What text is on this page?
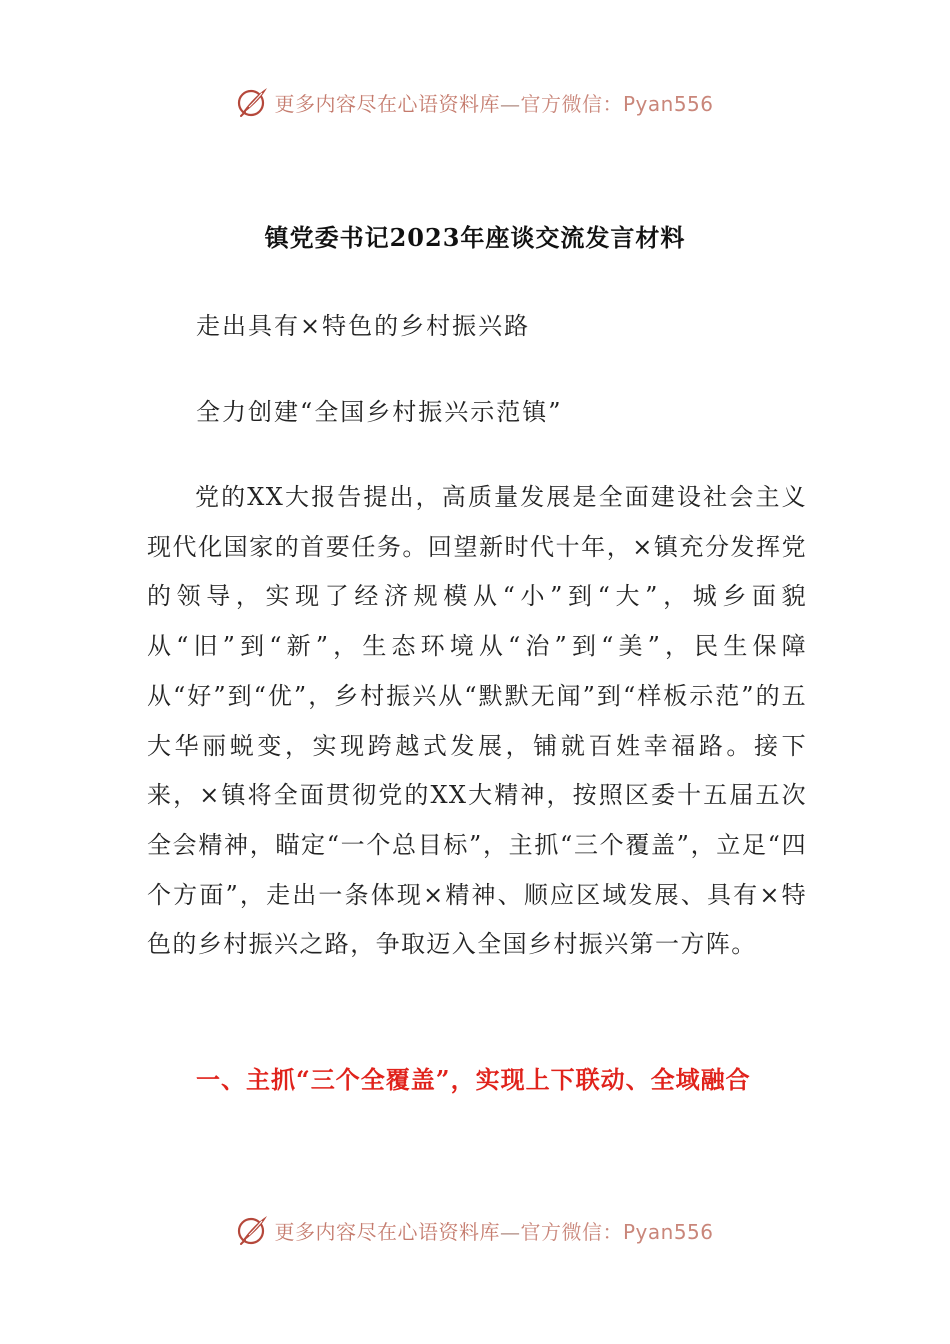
更多内容尽在心语资料库—官方微信：Pyan556
镇党委书记2023年座谈交流发言材料
走出具有×特色的乡村振兴路
全力创建“全国乡村振兴示范镇”

党的XX大报告提出，高质量发展是全面建设社会主义现代化国家的首要任务。回望新时代十年，×镇充分发挥党的领导，实现了经济规模从“小”到“大”，城乡面貌从“旧”到“新”，生态环境从“治”到“美”，民生保障从“好”到“优”，乡村振兴从“默默无闻”到“样板示范”的五大华丽蜕变，实现跨越式发展，铺就百姓幸福路。接下来，×镇将全面贯彻党的XX大精神，按照区委十五届五次全会精神，瞄定“一个总目标”，主抓“三个覆盖”，立足“四个方面”，走出一条体现×精神、顺应区域发展、具有×特色的乡村振兴之路，争取迈入全国乡村振兴第一方阵。

一、主抓“三个全覆盖”，实现上下联动、全域融合
更多内容尽在心语资料库—官方微信：Pyan556
